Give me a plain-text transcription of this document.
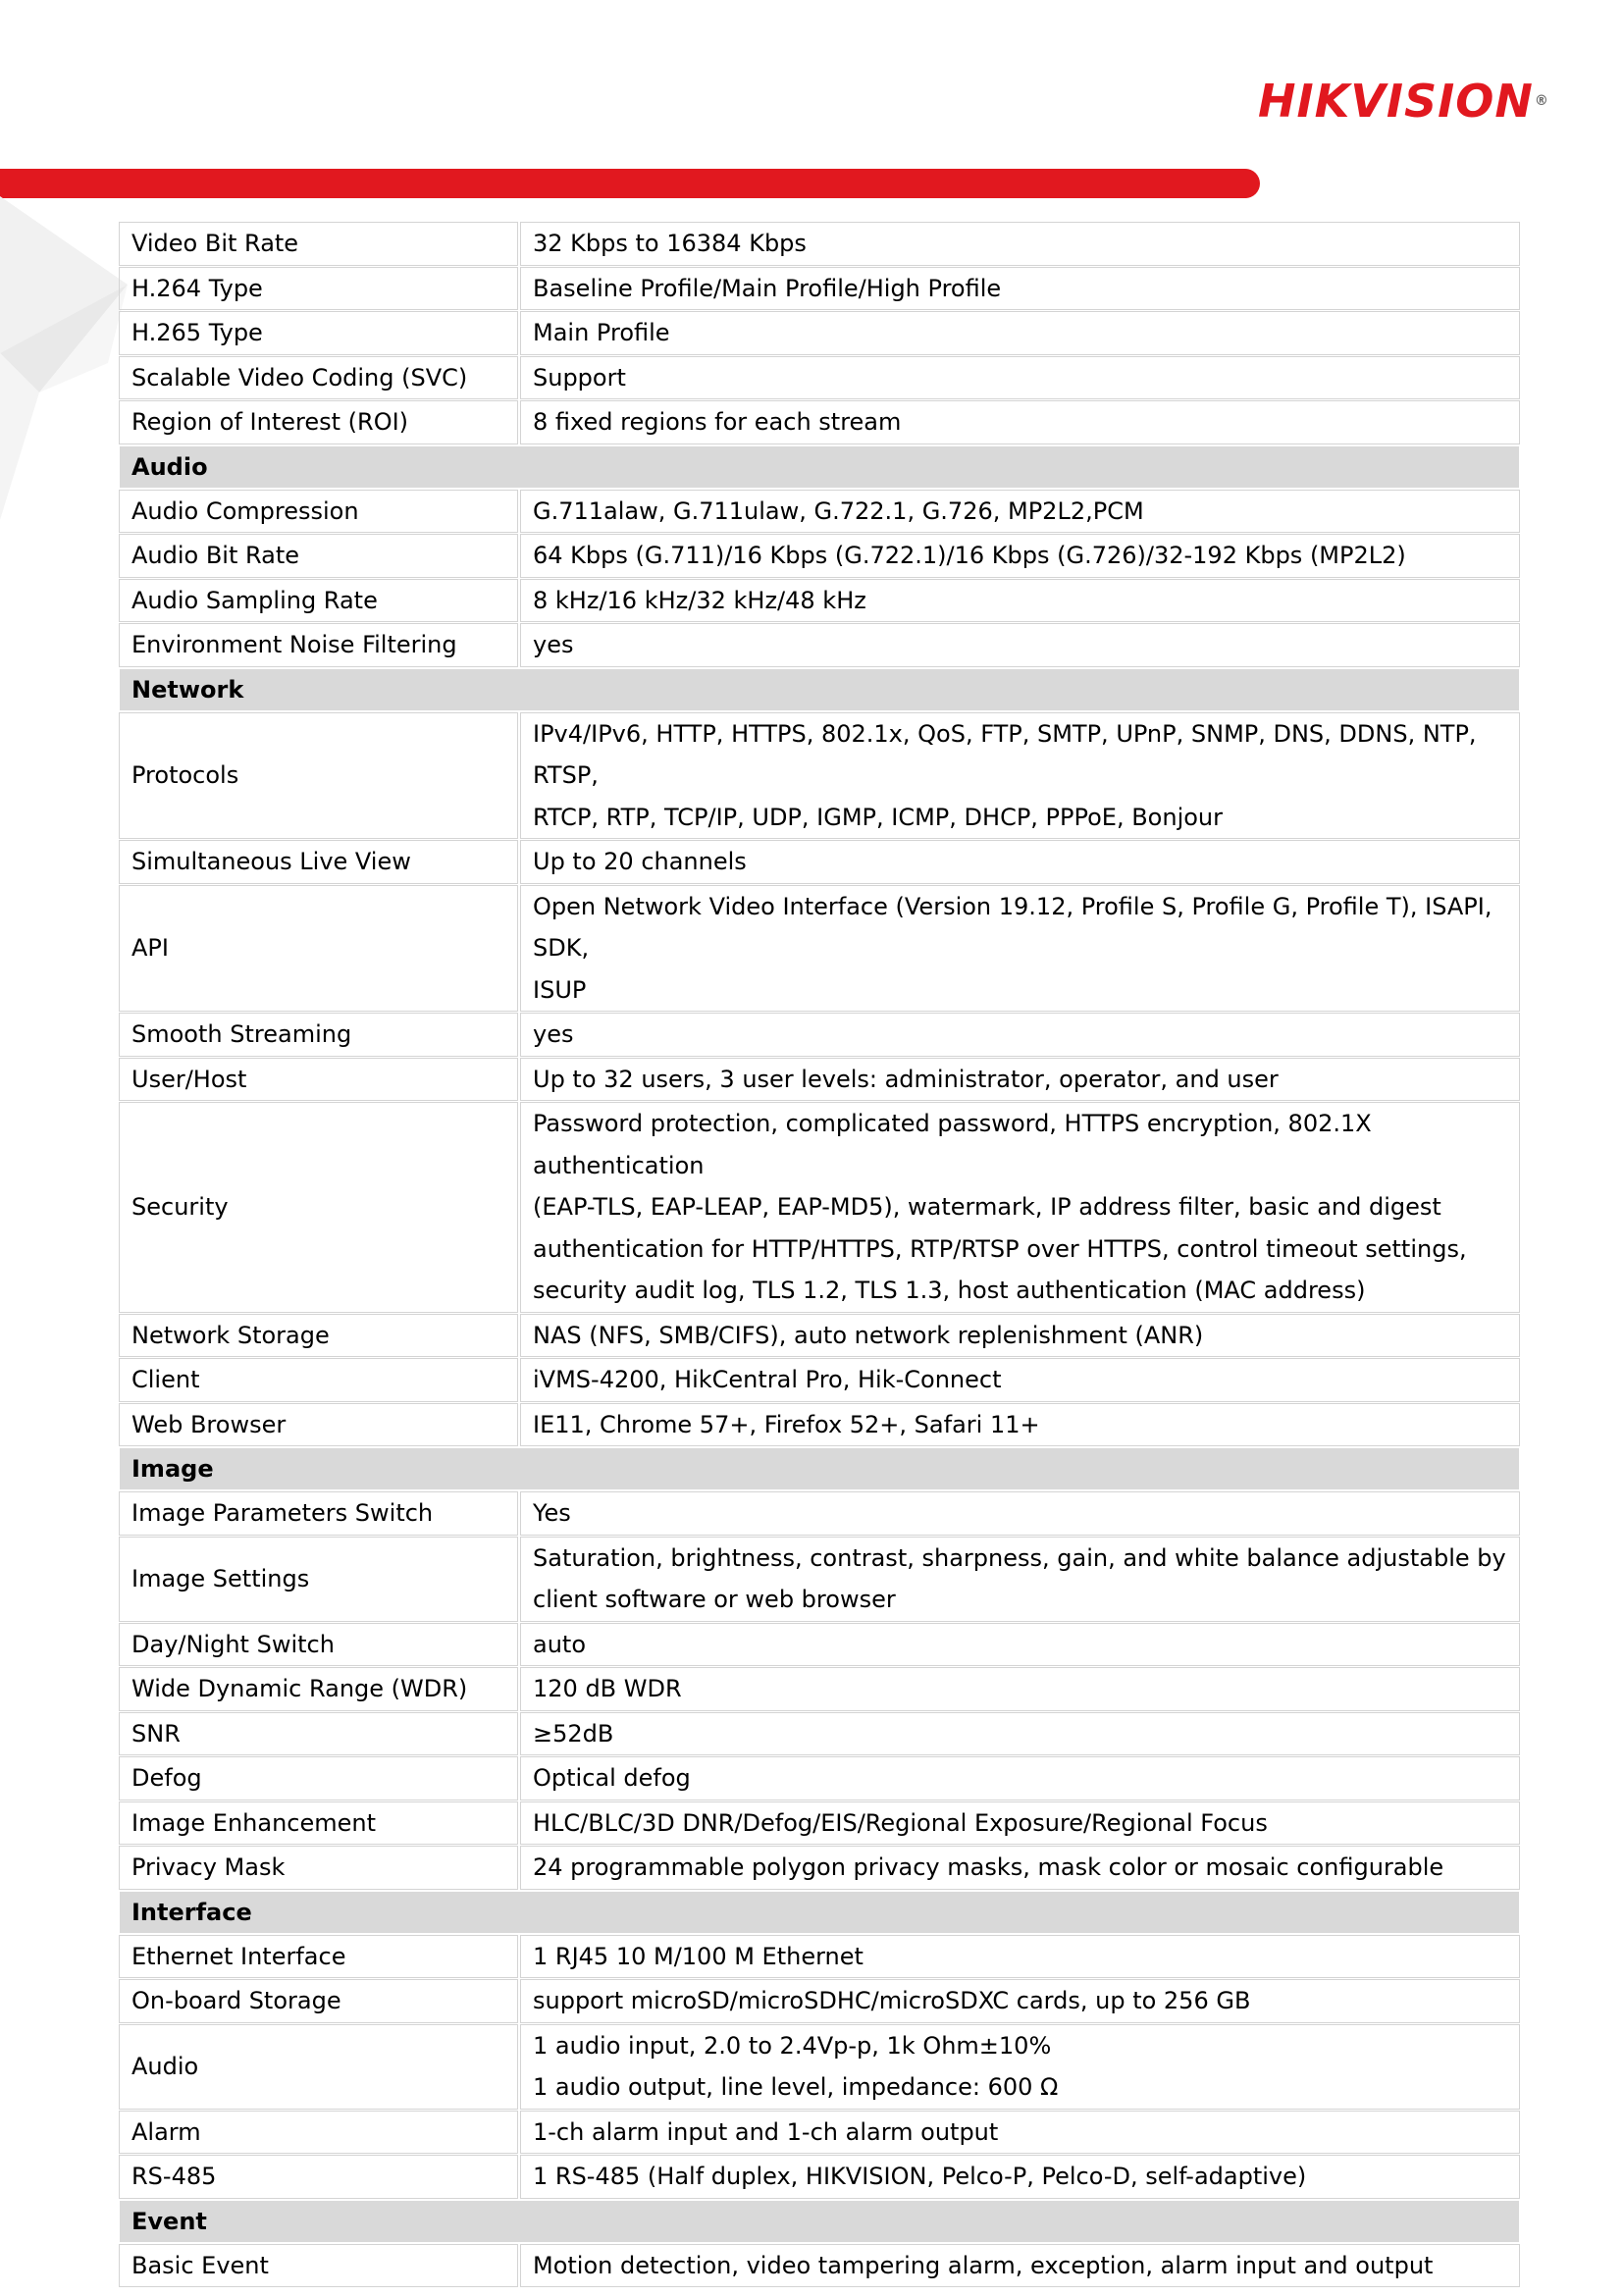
HIKVISION®
Video Bit Rate	32 Kbps to 16384 Kbps

H.264 Type	Baseline Profile/Main Profile/High Profile

H.265 Type	Main Profile

Scalable Video Coding (SVC)	Support

Region of Interest (ROI)	8 fixed regions for each stream

Audio	
Audio Compression	G.711alaw, G.711ulaw, G.722.1, G.726, MP2L2,PCM

Audio Bit Rate	64 Kbps (G.711)/16 Kbps (G.722.1)/16 Kbps (G.726)/32-192 Kbps (MP2L2)

Audio Sampling Rate	8 kHz/16 kHz/32 kHz/48 kHz

Environment Noise Filtering	yes

Network	
Protocols	IPv4/IPv6, HTTP, HTTPS, 802.1x, QoS, FTP, SMTP, UPnP, SNMP, DNS, DDNS, NTP, RTSP,
RTCP, RTP, TCP/IP, UDP, IGMP, ICMP, DHCP, PPPoE, Bonjour

Simultaneous Live View	Up to 20 channels

API	Open Network Video Interface (Version 19.12, Profile S, Profile G, Profile T), ISAPI, SDK,
ISUP

Smooth Streaming	yes

User/Host	Up to 32 users, 3 user levels: administrator, operator, and user

Security	Password protection, complicated password, HTTPS encryption, 802.1X authentication
(EAP-TLS, EAP-LEAP, EAP-MD5), watermark, IP address filter, basic and digest
authentication for HTTP/HTTPS, RTP/RTSP over HTTPS, control timeout settings,
security audit log, TLS 1.2, TLS 1.3, host authentication (MAC address)

Network Storage	NAS (NFS, SMB/CIFS), auto network replenishment (ANR)

Client	iVMS-4200, HikCentral Pro, Hik-Connect

Web Browser	IE11, Chrome 57+, Firefox 52+, Safari 11+

Image	
Image Parameters Switch	Yes

Image Settings	Saturation, brightness, contrast, sharpness, gain, and white balance adjustable by
client software or web browser

Day/Night Switch	auto

Wide Dynamic Range (WDR)	120 dB WDR

SNR	≥52dB

Defog	Optical defog

Image Enhancement	HLC/BLC/3D DNR/Defog/EIS/Regional Exposure/Regional Focus

Privacy Mask	24 programmable polygon privacy masks, mask color or mosaic configurable

Interface	
Ethernet Interface	1 RJ45 10 M/100 M Ethernet

On-board Storage	support microSD/microSDHC/microSDXC cards, up to 256 GB

Audio	1 audio input, 2.0 to 2.4Vp-p, 1k Ohm±10%
1 audio output, line level, impedance: 600 Ω

Alarm	1-ch alarm input and 1-ch alarm output

RS-485	1 RS-485 (Half duplex, HIKVISION, Pelco-P, Pelco-D, self-adaptive)

Event	
Basic Event	Motion detection, video tampering alarm, exception, alarm input and output
